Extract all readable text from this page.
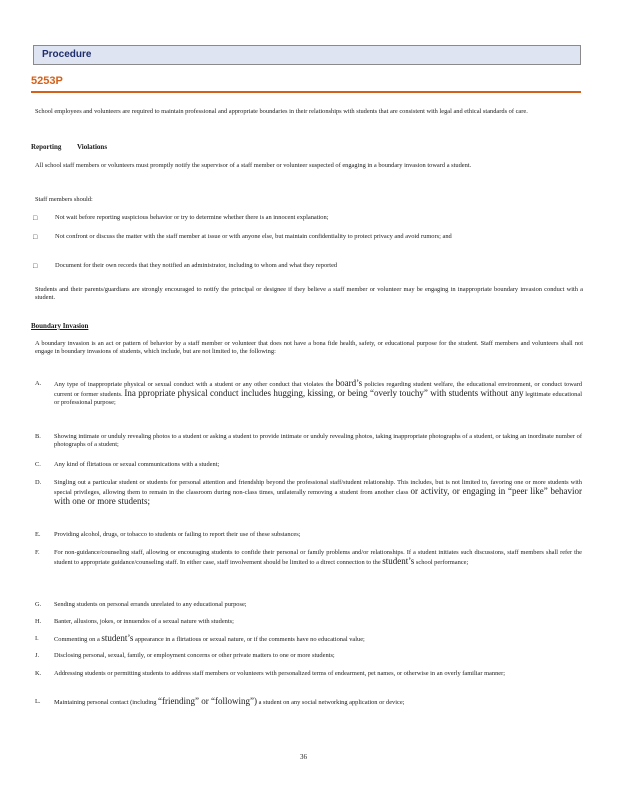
Procedure
5253P
School employees and volunteers are required to maintain professional and appropriate boundaries in their relationships with students that are consistent with legal and ethical standards of care.
Reporting Violations
All school staff members or volunteers must promptly notify the supervisor of a staff member or volunteer suspected of engaging in a boundary invasion toward a student.
Staff members should:
□	Not wait before reporting suspicious behavior or try to determine whether there is an innocent explanation;
□	Not confront or discuss the matter with the staff member at issue or with anyone else, but maintain confidentiality to protect privacy and avoid rumors; and
□	Document for their own records that they notified an administrator, including to whom and what they reported
Students and their parents/guardians are strongly encouraged to notify the principal or designee if they believe a staff member or volunteer may be engaging in inappropriate boundary invasion conduct with a student.
Boundary Invasion
A boundary invasion is an act or pattern of behavior by a staff member or volunteer that does not have a bona fide health, safety, or educational purpose for the student. Staff members and volunteers shall not engage in boundary invasions of students, which include, but are not limited to, the following:
A. Any type of inappropriate physical or sexual conduct with a student or any other conduct that violates the board’s policies regarding student welfare, the educational environment, or conduct toward current or former students. Ina ppropriate physical conduct includes hugging, kissing, or being “overly touchy” with students without any legitimate educational or professional purpose;
B. Showing intimate or unduly revealing photos to a student or asking a student to provide intimate or unduly revealing photos, taking inappropriate photographs of a student, or taking an inordinate number of photographs of a student;
C. Any kind of flirtatious or sexual communications with a student;
D. Singling out a particular student or students for personal attention and friendship beyond the professional staff/student relationship. This includes, but is not limited to, favoring one or more students with special privileges, allowing them to remain in the classroom during non-class times, unilaterally removing a student from another class or activity, or engaging in “peer like” behavior with one or more students;
E. Providing alcohol, drugs, or tobacco to students or failing to report their use of these substances;
F. For non-guidance/counseling staff, allowing or encouraging students to confide their personal or family problems and/or relationships. If a student initiates such discussions, staff members shall refer the student to appropriate guidance/counseling staff. In either case, staff involvement should be limited to a direct connection to the student’s school performance;
G. Sending students on personal errands unrelated to any educational purpose;
H. Banter, allusions, jokes, or innuendos of a sexual nature with students;
I. Commenting on a student’s appearance in a flirtatious or sexual nature, or if the comments have no educational value;
J. Disclosing personal, sexual, family, or employment concerns or other private matters to one or more students;
K. Addressing students or permitting students to address staff members or volunteers with personalized terms of endearment, pet names, or otherwise in an overly familiar manner;
L. Maintaining personal contact (including “friending” or “following”) a student on any social networking application or device;
36
